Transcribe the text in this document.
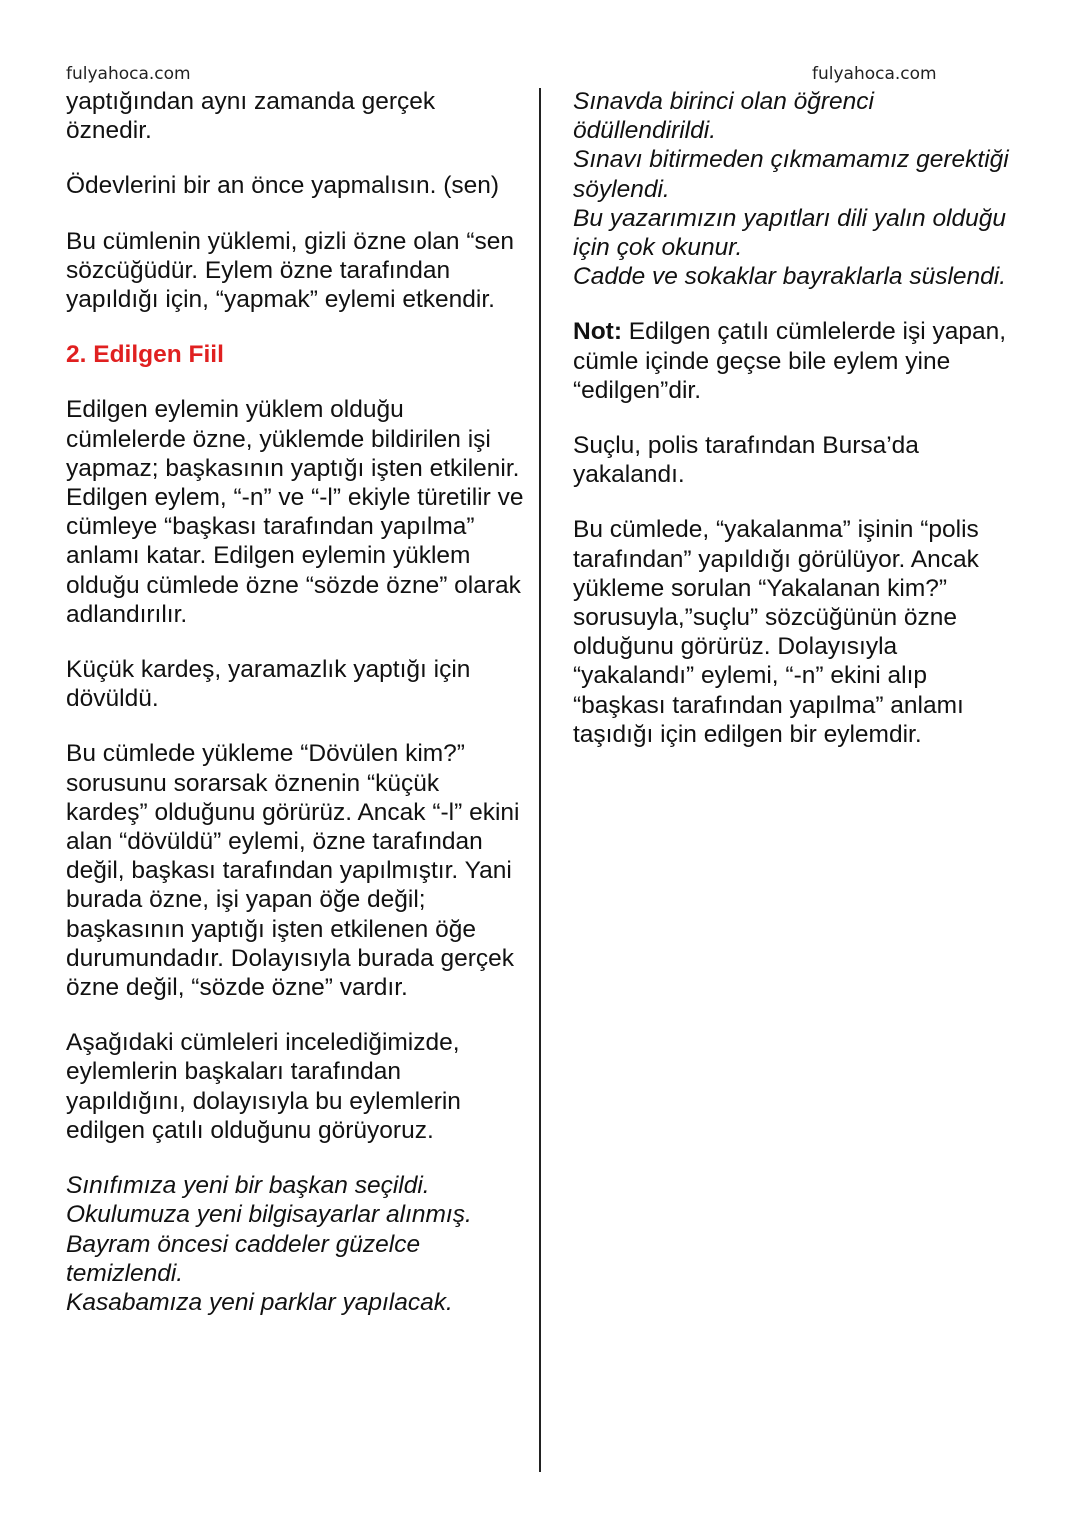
fulyahoca.com	fulyahoca.com

yaptığından aynı zamanda gerçek öznedir.

Ödevlerini bir an önce yapmalısın. (sen)

Bu cümlenin yüklemi, gizli özne olan “sen sözcüğüdür. Eylem özne tarafından yapıldığı için, “yapmak” eylemi etkendir.

2. Edilgen Fiil

Edilgen eylemin yüklem olduğu cümlelerde özne, yüklemde bildirilen işi yapmaz; başkasının yaptığı işten etkilenir. Edilgen eylem, “-n” ve “-l” ekiyle türetilir ve cümleye “başkası tarafından yapılma” anlamı katar. Edilgen eylemin yüklem olduğu cümlede özne “sözde özne” olarak adlandırılır.

Küçük kardeş, yaramazlık yaptığı için dövüldü.

Bu cümlede yükleme “Dövülen kim?” sorusunu sorarsak öznenin “küçük kardeş” olduğunu görürüz. Ancak “-l” ekini alan “dövüldü” eylemi, özne tarafından değil, başkası tarafından yapılmıştır. Yani burada özne, işi yapan öğe değil; başkasının yaptığı işten etkilenen öğe durumundadır. Dolayısıyla burada gerçek özne değil, “sözde özne” vardır.

Aşağıdaki cümleleri incelediğimizde, eylemlerin başkaları tarafından yapıldığını, dolayısıyla bu eylemlerin edilgen çatılı olduğunu görüyoruz.

Sınıfımıza yeni bir başkan seçildi.
Okulumuza yeni bilgisayarlar alınmış.
Bayram öncesi caddeler güzelce temizlendi.
Kasabamıza yeni parklar yapılacak.
Sınavda birinci olan öğrenci ödüllendirildi.
Sınavı bitirmeden çıkmamamız gerektiği söylendi.
Bu yazarımızın yapıtları dili yalın olduğu için çok okunur.
Cadde ve sokaklar bayraklarla süslendi.

Not: Edilgen çatılı cümlelerde işi yapan, cümle içinde geçse bile eylem yine “edilgen”dir.

Suçlu, polis tarafından Bursa’da yakalandı.

Bu cümlede, “yakalanma” işinin “polis tarafından” yapıldığı görülüyor. Ancak yükleme sorulan “Yakalanan kim?” sorusuyla,”suçlu” sözcüğünün özne olduğunu görürüz. Dolayısıyla “yakalandı” eylemi, “-n” ekini alıp “başkası tarafından yapılma” anlamı taşıdığı için edilgen bir eylemdir.
